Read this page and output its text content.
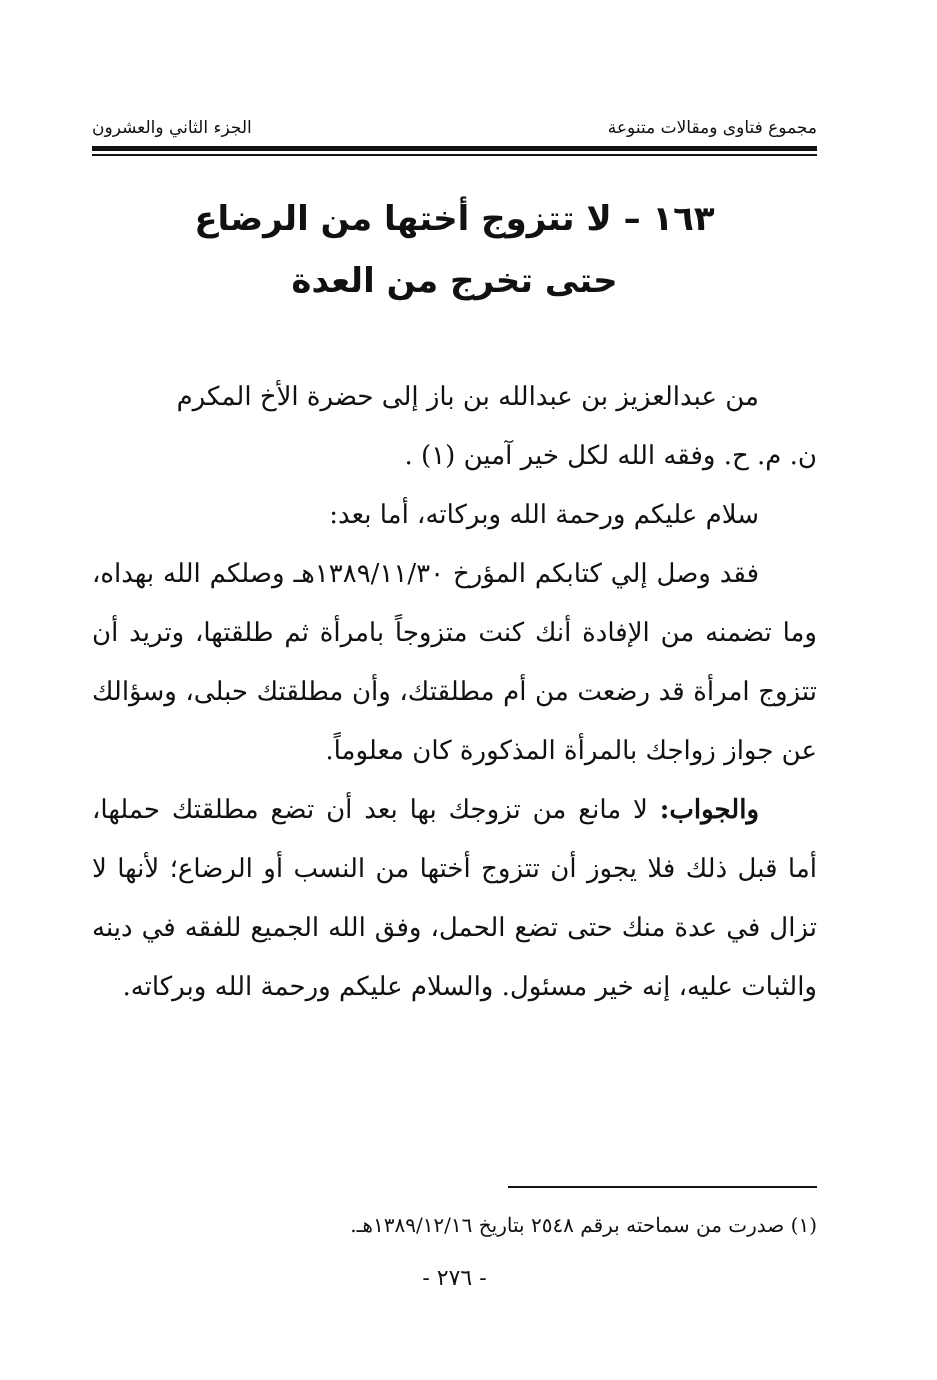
الجزء الثاني والعشرون	مجموع فتاوى ومقالات متنوعة
١٦٣ – لا تتزوج أختها من الرضاع
حتى تخرج من العدة

من عبدالعزيز بن عبدالله بن باز إلى حضرة الأخ المكرم

ن. م. ح. وفقه الله لكل خير آمين (١) .

سلام عليكم ورحمة الله وبركاته، أما بعد:

فقد وصل إلي كتابكم المؤرخ ١٣٨٩/١١/٣٠هـ وصلكم الله بهداه، وما تضمنه من الإفادة أنك كنت متزوجاً بامرأة ثم طلقتها، وتريد أن تتزوج امرأة قد رضعت من أم مطلقتك، وأن مطلقتك حبلى، وسؤالك عن جواز زواجك بالمرأة المذكورة كان معلوماً.

والجواب: لا مانع من تزوجك بها بعد أن تضع مطلقتك حملها، أما قبل ذلك فلا يجوز أن تتزوج أختها من النسب أو الرضاع؛ لأنها لا تزال في عدة منك حتى تضع الحمل، وفق الله الجميع للفقه في دينه والثبات عليه، إنه خير مسئول. والسلام عليكم ورحمة الله وبركاته.

(١) صدرت من سماحته برقم ٢٥٤٨ بتاريخ ١٣٨٩/١٢/١٦هـ.
- ٢٧٦ -
